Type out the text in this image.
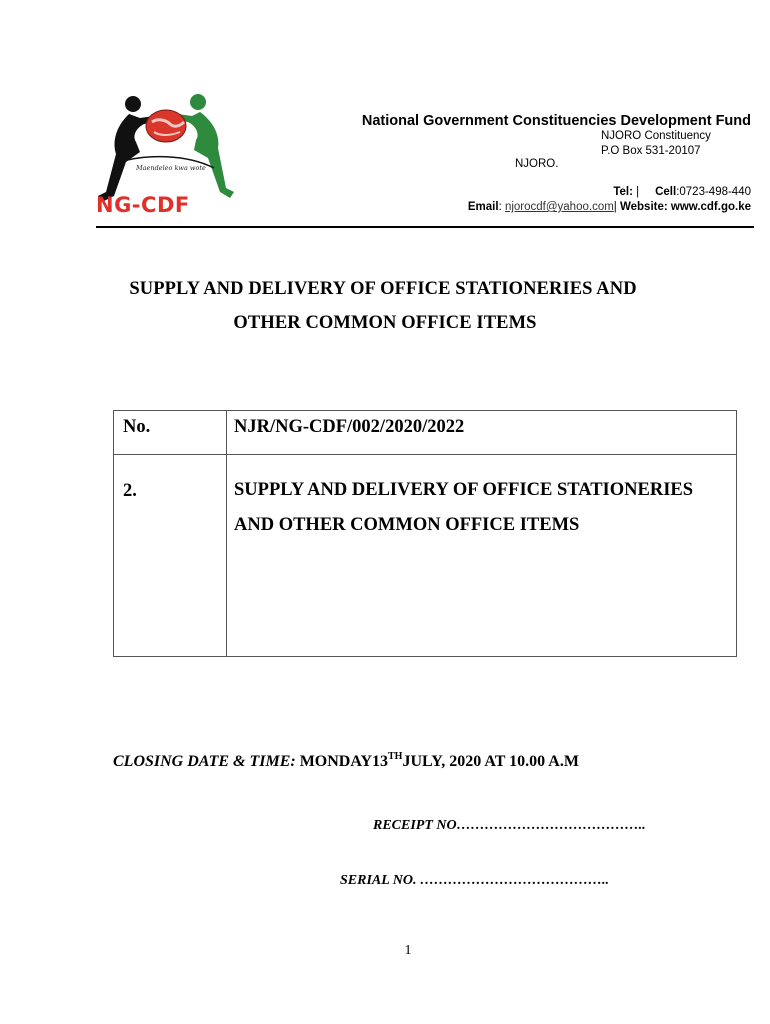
Maendeleo kwa wote
NG-CDF
National Government Constituencies Development Fund
NJORO Constituency
P.O Box 531-20107
NJORO.
Tel: | Cell:0723-498-440
Email: njorocdf@yahoo.com| Website: www.cdf.go.ke
SUPPLY AND DELIVERY OF OFFICE STATIONERIES AND
OTHER COMMON OFFICE ITEMS
No.	NJR/NG-CDF/002/2020/2022
2.	SUPPLY AND DELIVERY OF OFFICE STATIONERIES AND OTHER COMMON OFFICE ITEMS
CLOSING DATE & TIME: MONDAY13THJULY, 2020 AT 10.00 A.M
RECEIPT NO…………………………………..
SERIAL NO. …………………………………..
1
